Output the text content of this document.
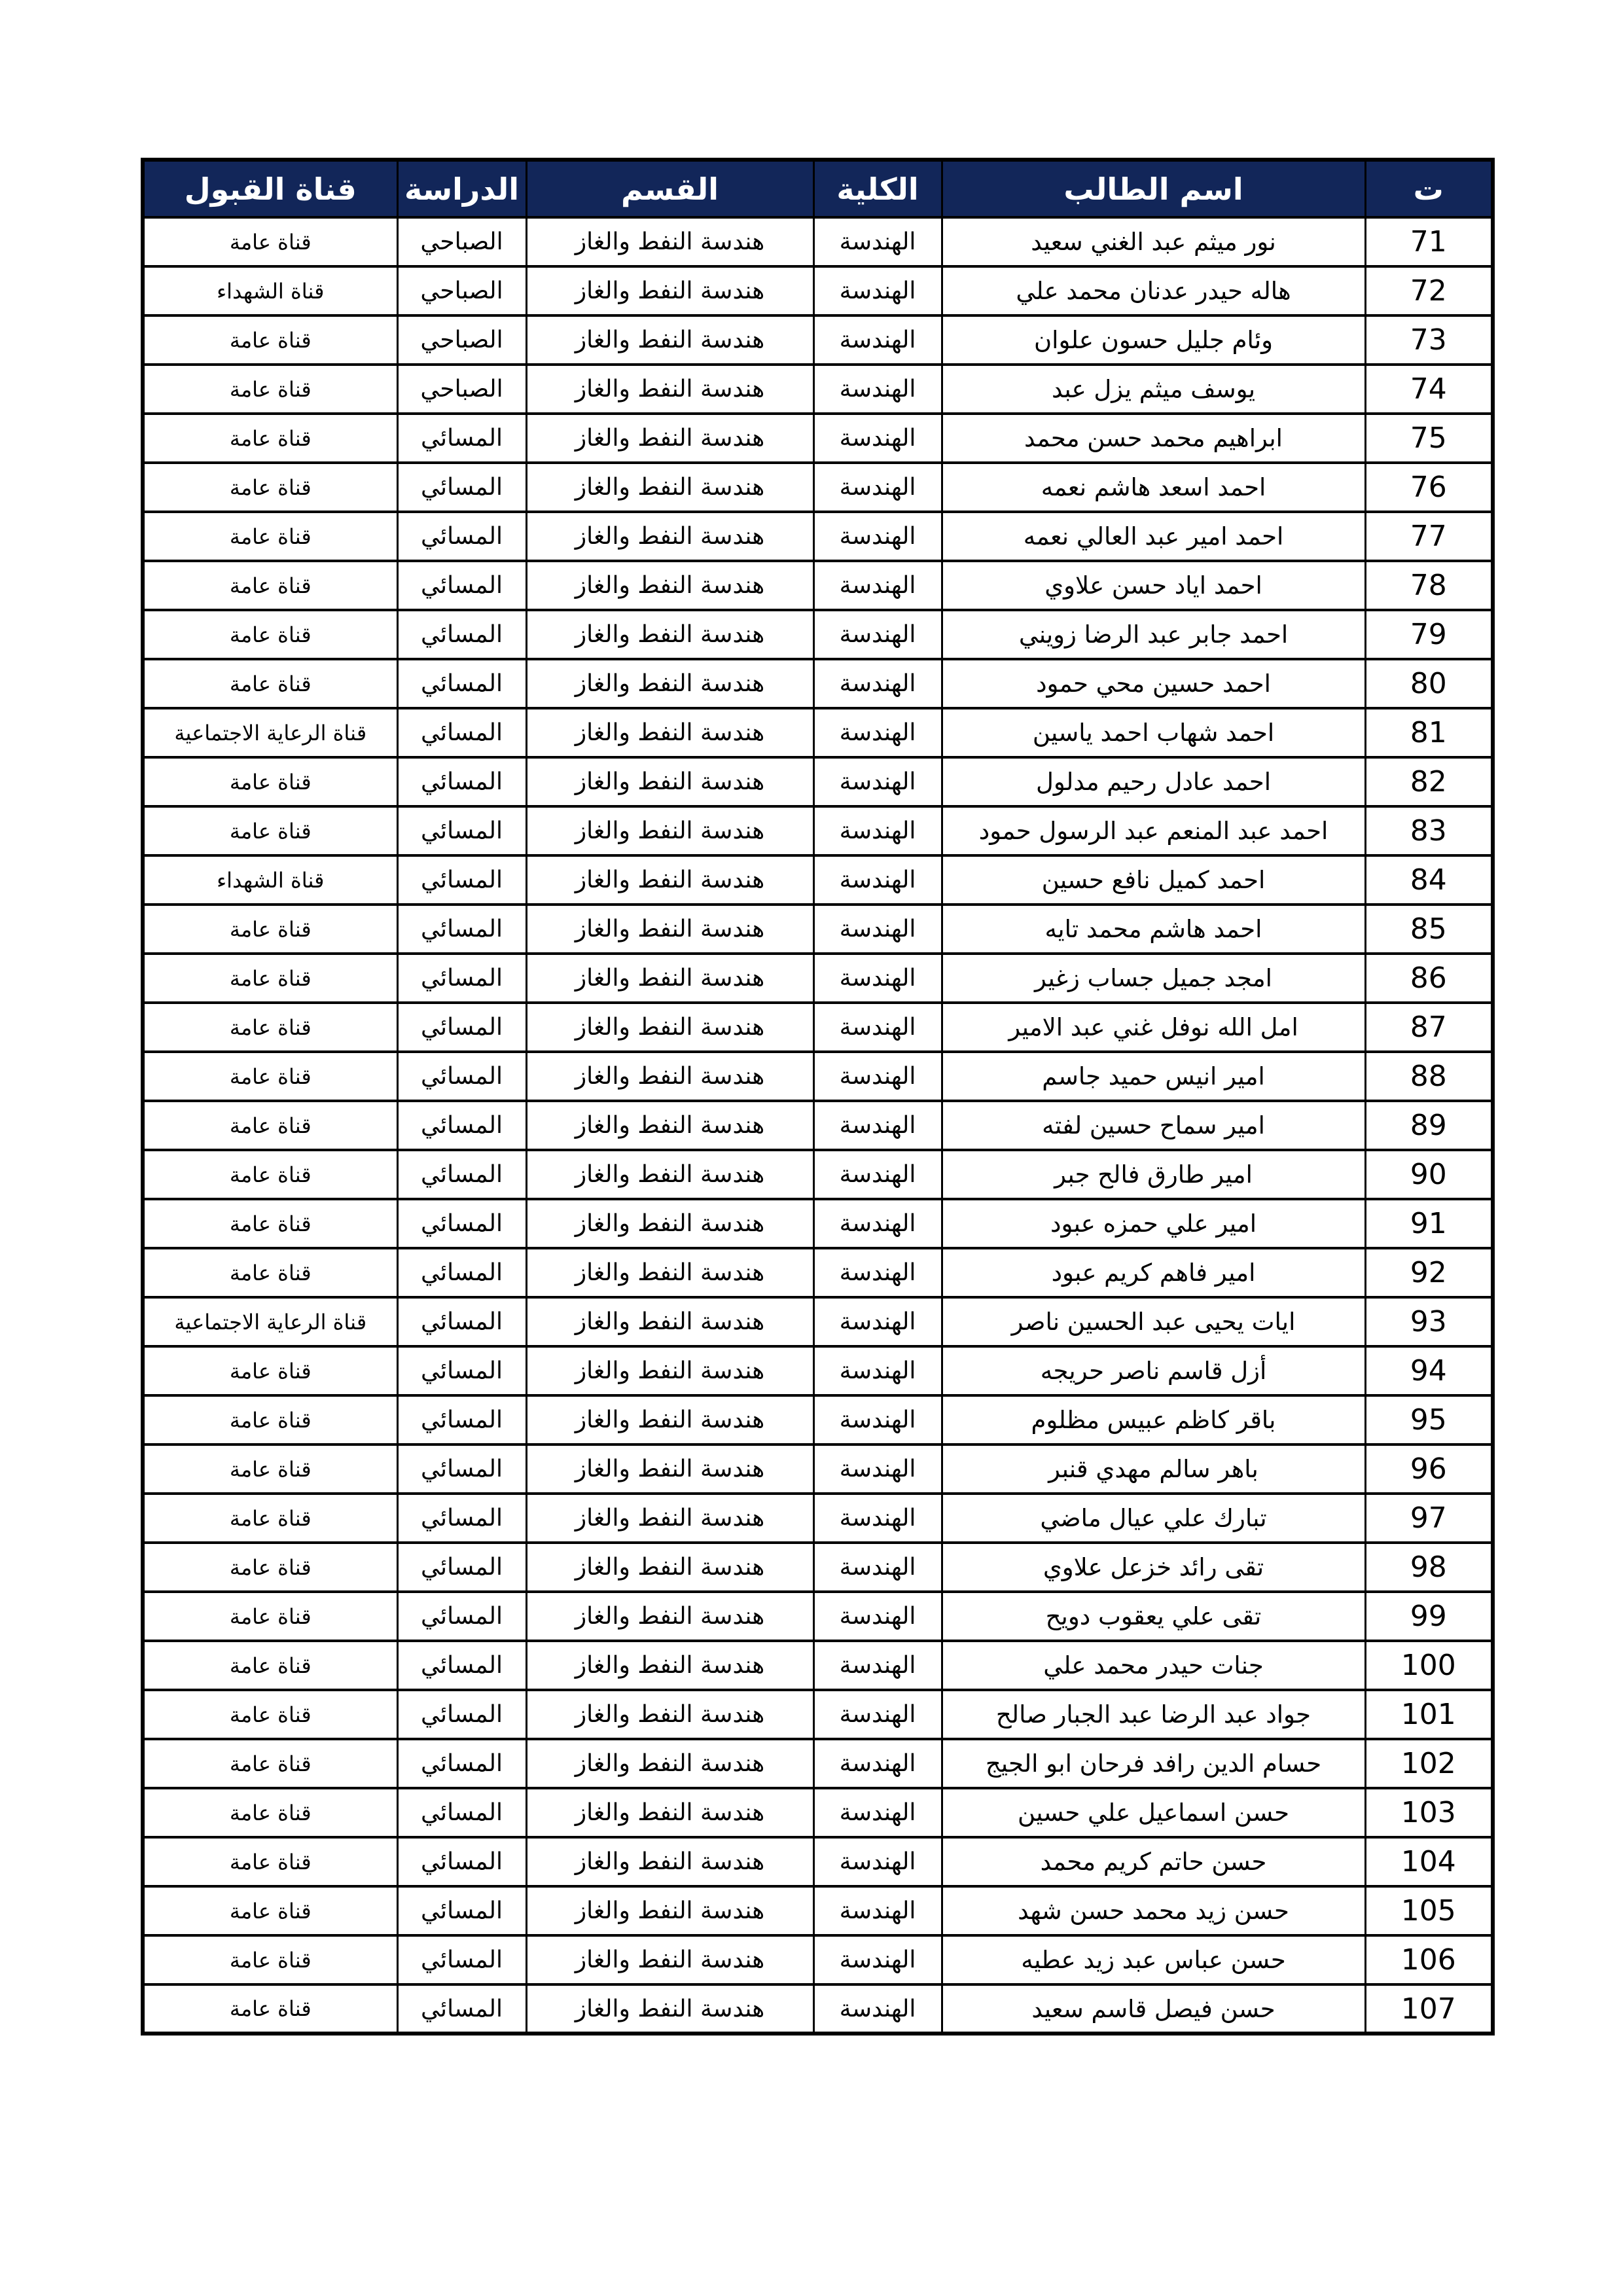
ت	اسم الطالب	الكلية	القسم	الدراسة	قناة القبول
71	نور ميثم عبد الغني سعيد	الهندسة	هندسة النفط والغاز	الصباحي	قناة عامة
72	هاله حيدر عدنان محمد علي	الهندسة	هندسة النفط والغاز	الصباحي	قناة الشهداء
73	وئام جليل حسون علوان	الهندسة	هندسة النفط والغاز	الصباحي	قناة عامة
74	يوسف ميثم يزل عبد	الهندسة	هندسة النفط والغاز	الصباحي	قناة عامة
75	ابراهيم محمد حسن محمد	الهندسة	هندسة النفط والغاز	المسائي	قناة عامة
76	احمد اسعد هاشم نعمه	الهندسة	هندسة النفط والغاز	المسائي	قناة عامة
77	احمد امير عبد العالي نعمه	الهندسة	هندسة النفط والغاز	المسائي	قناة عامة
78	احمد اياد حسن علاوي	الهندسة	هندسة النفط والغاز	المسائي	قناة عامة
79	احمد جابر عبد الرضا زويني	الهندسة	هندسة النفط والغاز	المسائي	قناة عامة
80	احمد حسين محي حمود	الهندسة	هندسة النفط والغاز	المسائي	قناة عامة
81	احمد شهاب احمد ياسين	الهندسة	هندسة النفط والغاز	المسائي	قناة الرعاية الاجتماعية
82	احمد عادل رحيم مدلول	الهندسة	هندسة النفط والغاز	المسائي	قناة عامة
83	احمد عبد المنعم عبد الرسول حمود	الهندسة	هندسة النفط والغاز	المسائي	قناة عامة
84	احمد كميل نافع حسين	الهندسة	هندسة النفط والغاز	المسائي	قناة الشهداء
85	احمد هاشم محمد تايه	الهندسة	هندسة النفط والغاز	المسائي	قناة عامة
86	امجد جميل جساب زغير	الهندسة	هندسة النفط والغاز	المسائي	قناة عامة
87	امل الله نوفل غني عبد الامير	الهندسة	هندسة النفط والغاز	المسائي	قناة عامة
88	امير انيس حميد جاسم	الهندسة	هندسة النفط والغاز	المسائي	قناة عامة
89	امير سماح حسين لفته	الهندسة	هندسة النفط والغاز	المسائي	قناة عامة
90	امير طارق فالح جبر	الهندسة	هندسة النفط والغاز	المسائي	قناة عامة
91	امير علي حمزه عبود	الهندسة	هندسة النفط والغاز	المسائي	قناة عامة
92	امير فاهم كريم عبود	الهندسة	هندسة النفط والغاز	المسائي	قناة عامة
93	ايات يحيى عبد الحسين ناصر	الهندسة	هندسة النفط والغاز	المسائي	قناة الرعاية الاجتماعية
94	أزل قاسم ناصر حريجه	الهندسة	هندسة النفط والغاز	المسائي	قناة عامة
95	باقر كاظم عبيس مظلوم	الهندسة	هندسة النفط والغاز	المسائي	قناة عامة
96	باهر سالم مهدي قنبر	الهندسة	هندسة النفط والغاز	المسائي	قناة عامة
97	تبارك علي عيال ماضي	الهندسة	هندسة النفط والغاز	المسائي	قناة عامة
98	تقى رائد خزعل علاوي	الهندسة	هندسة النفط والغاز	المسائي	قناة عامة
99	تقى علي يعقوب دويح	الهندسة	هندسة النفط والغاز	المسائي	قناة عامة
100	جنات حيدر محمد علي	الهندسة	هندسة النفط والغاز	المسائي	قناة عامة
101	جواد عبد الرضا عبد الجبار صالح	الهندسة	هندسة النفط والغاز	المسائي	قناة عامة
102	حسام الدين رافد فرحان ابو الجيج	الهندسة	هندسة النفط والغاز	المسائي	قناة عامة
103	حسن اسماعيل علي حسين	الهندسة	هندسة النفط والغاز	المسائي	قناة عامة
104	حسن حاتم كريم محمد	الهندسة	هندسة النفط والغاز	المسائي	قناة عامة
105	حسن زيد محمد حسن شهد	الهندسة	هندسة النفط والغاز	المسائي	قناة عامة
106	حسن عباس عبد زيد عطيه	الهندسة	هندسة النفط والغاز	المسائي	قناة عامة
107	حسن فيصل قاسم سعيد	الهندسة	هندسة النفط والغاز	المسائي	قناة عامة
